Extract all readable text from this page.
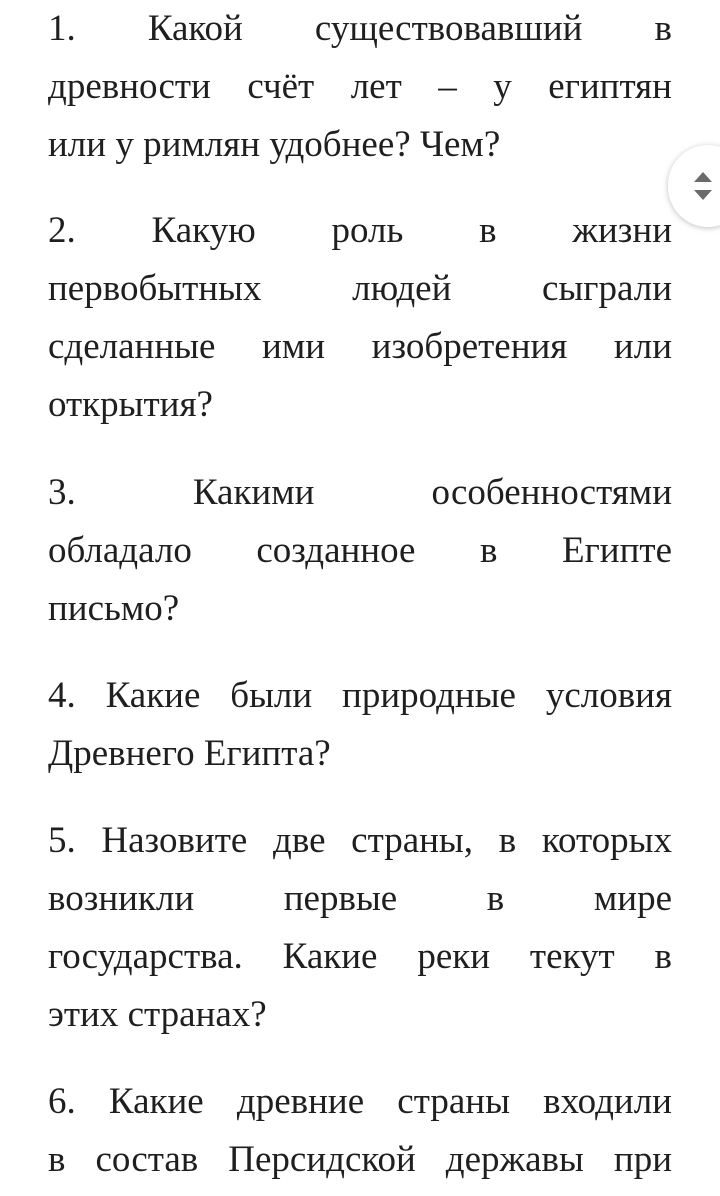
1. Какой существовавший в
древности счёт лет – у египтян
или у римлян удобнее? Чем?

2. Какую роль в жизни
первобытных людей сыграли
сделанные ими изобретения или
открытия?

3. Какими особенностями
обладало созданное в Египте
письмо?

4. Какие были природные условия
Древнего Египта?

5. Назовите две страны, в которых
возникли первые в мире
государства. Какие реки текут в
этих странах?

6. Какие древние страны входили
в состав Персидской державы при
